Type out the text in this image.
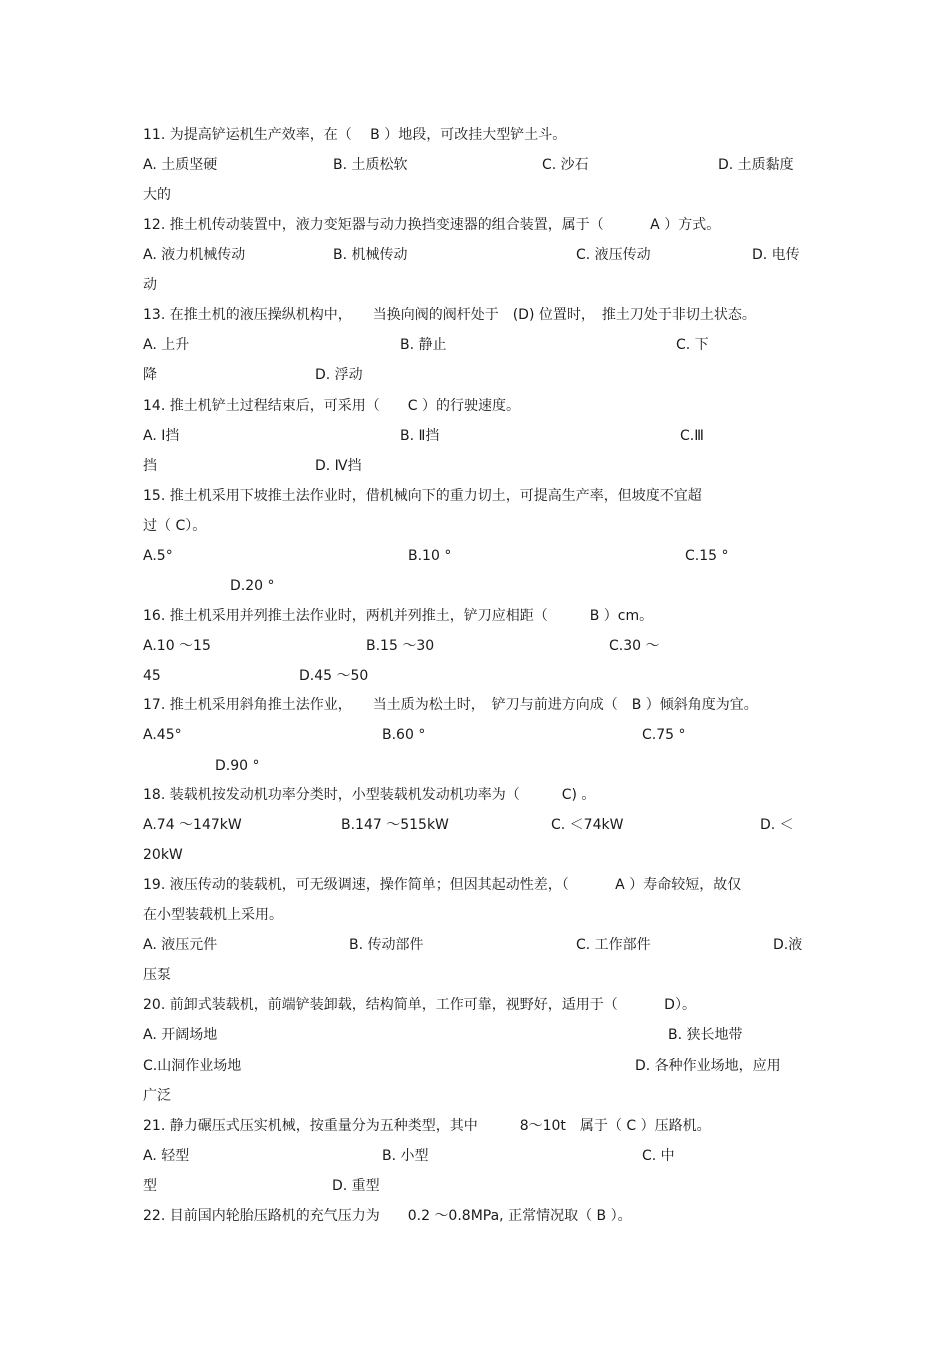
11. 为提高铲运机生产效率，在（　 B ）地段，可改挂大型铲土斗。
A. 土质坚硬	B. 土质松软	C. 沙石	D. 土质黏度
大的
12. 推土机传动装置中，液力变矩器与动力换挡变速器的组合装置，属于（　　　 A ）方式。
A. 液力机械传动	B. 机械传动	C. 液压传动	D. 电传
动
13. 在推土机的液压操纵机构中，　　当换向阀的阀杆处于　(D) 位置时，　推土刀处于非切土状态。
A. 上升	B. 静止	C. 下
降	D. 浮动
14. 推土机铲土过程结束后，可采用（　　C ）的行驶速度。
A. Ⅰ挡	B. Ⅱ挡	C.Ⅲ
挡	D. Ⅳ挡
15. 推土机采用下坡推土法作业时，借机械向下的重力切土，可提高生产率，但坡度不宜超
过（ C）。
A.5°	B.10 °	C.15 °
D.20 °
16. 推土机采用并列推土法作业时，两机并列推土，铲刀应相距（　　　B ）cm。
A.10 ～15	B.15 ～30	C.30 ～
45	D.45 ～50
17. 推土机采用斜角推土法作业，　　当土质为松土时，　铲刀与前进方向成（　B ）倾斜角度为宜。
A.45°	B.60 °	C.75 °
D.90 °
18. 装载机按发动机功率分类时，小型装载机发动机功率为（　　　C) 。
A.74 ～147kW	B.147 ～515kW	C. ＜74kW	D. ＜
20kW
19. 液压传动的装载机，可无级调速，操作简单；但因其起动性差，（　　　 A ）寿命较短，故仅
在小型装载机上采用。
A. 液压元件	B. 传动部件	C. 工作部件	D.液
压泵
20. 前卸式装载机，前端铲装卸载，结构简单，工作可靠，视野好，适用于（　　　 D）。
A. 开阔场地	B. 狭长地带
C.山洞作业场地	D. 各种作业场地，应用
广泛
21. 静力碾压式压实机械，按重量分为五种类型，其中　　　8～10t　属于（ C ）压路机。
A. 轻型	B. 小型	C. 中
型	D. 重型
22. 目前国内轮胎压路机的充气压力为　　0.2 ～0.8MPa, 正常情况取（ B ）。
